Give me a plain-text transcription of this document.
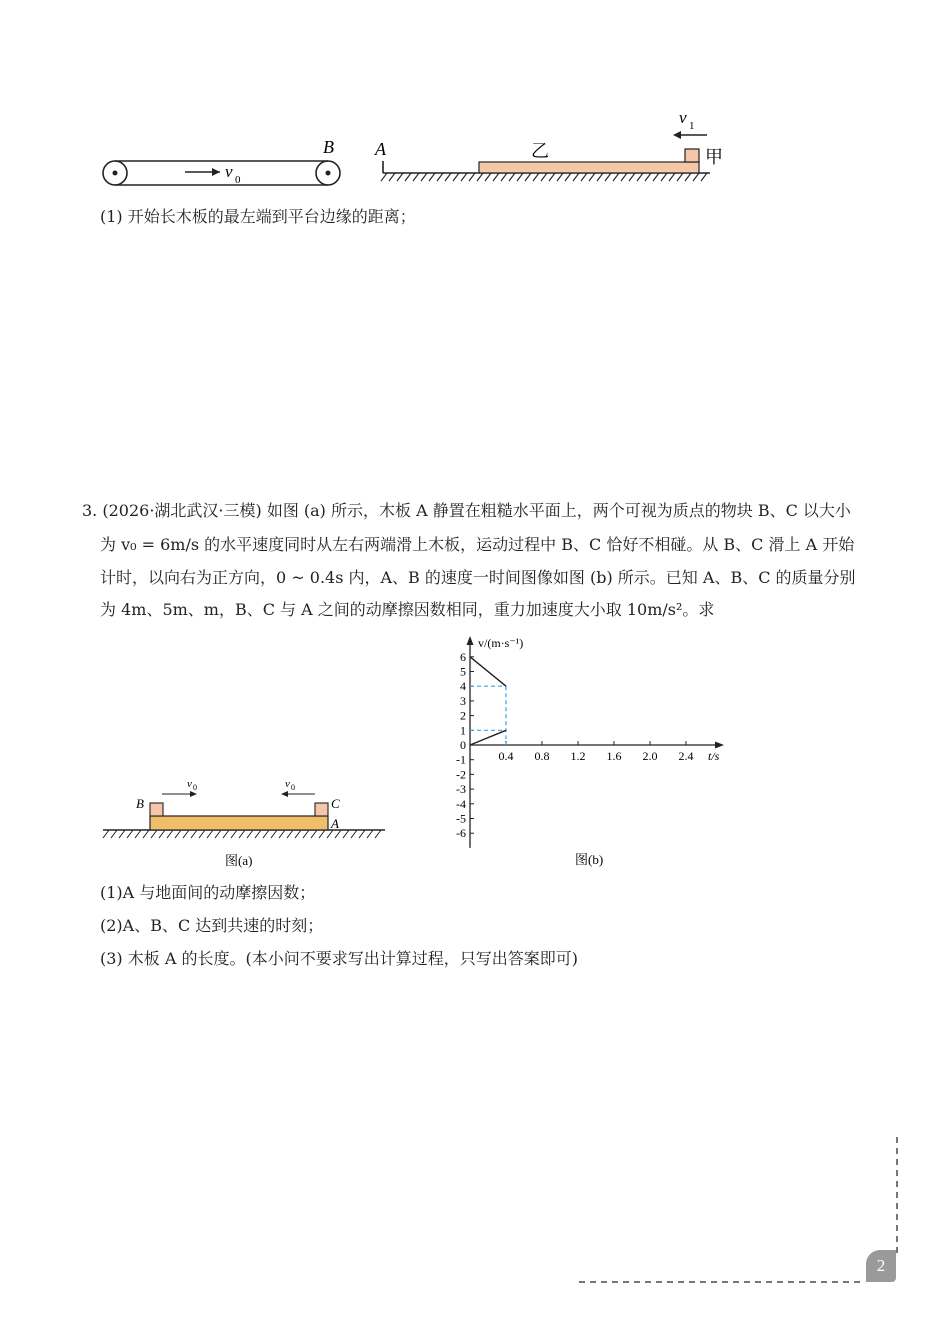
v 0
B A	乙	甲
v 1
(1) 开始长木板的最左端到平台边缘的距离；
3. (2026·湖北武汉·三模) 如图 (a) 所示，木板 A 静置在粗糙水平面上，两个可视为质点的物块 B、C 以大小
为 v₀ = 6m/s 的水平速度同时从左右两端滑上木板，运动过程中 B、C 恰好不相碰。从 B、C 滑上 A 开始
计时，以向右为正方向，0 ~ 0.4s 内，A、B 的速度一时间图像如图 (b) 所示。已知 A、B、C 的质量分别
为 4m、5m、m，B、C 与 A 之间的动摩擦因数相同，重力加速度大小取 10m/s²。求
B	C
A
v 0	v 0
图(a)
6
5
4
3
2
1
0
-1
-2
-3
-4
-5
-6
0.4 0.8 1.2 1.6 2.0 2.4
v/(m·s⁻¹)
t/s
图(b)
(1)A 与地面间的动摩擦因数；
(2)A、B、C 达到共速的时刻；
(3) 木板 A 的长度。(本小问不要求写出计算过程，只写出答案即可)
2
